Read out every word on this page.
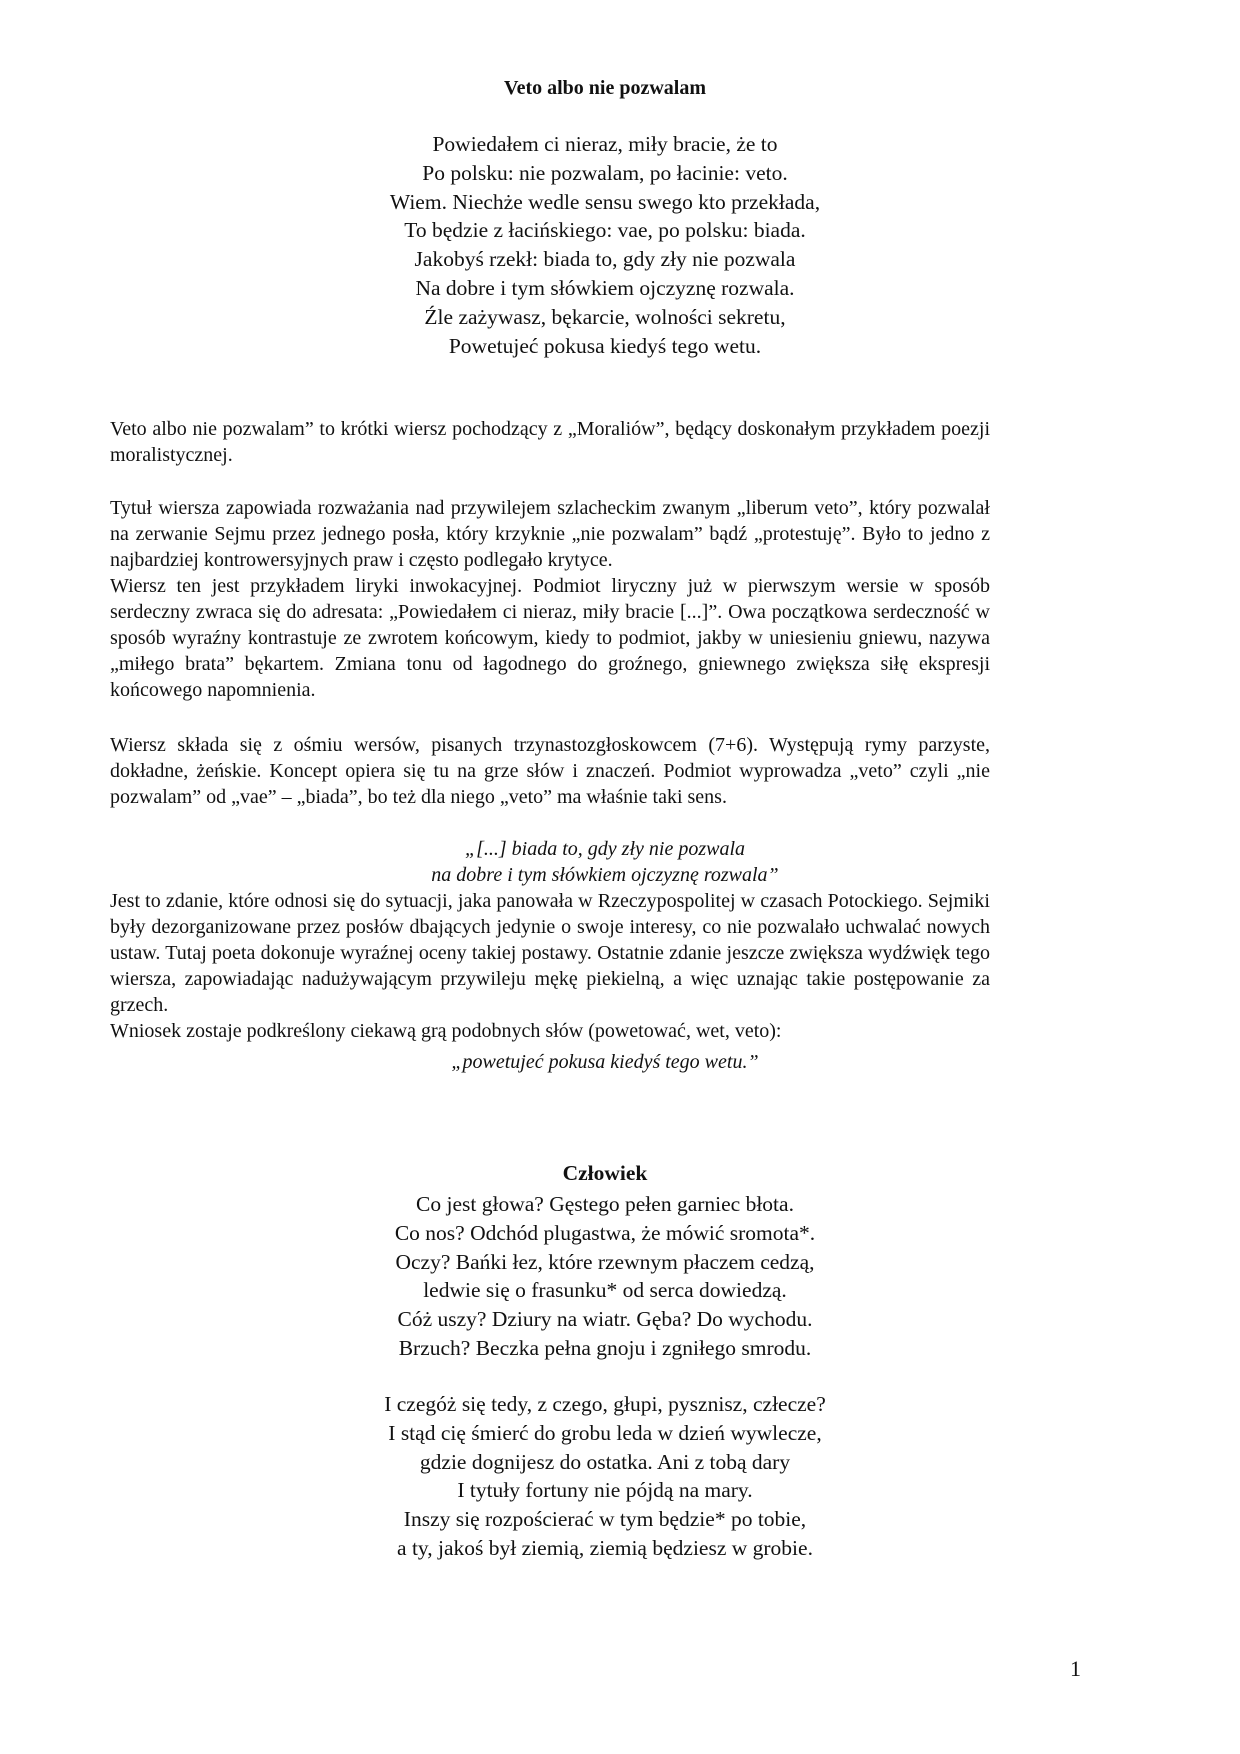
Veto albo nie pozwalam
Powiedałem ci nieraz, miły bracie, że to
Po polsku: nie pozwalam, po łacinie: veto.
Wiem. Niechże wedle sensu swego kto przekłada,
To będzie z łacińskiego: vae, po polsku: biada.
Jakobyś rzekł: biada to, gdy zły nie pozwala
Na dobre i tym słówkiem ojczyznę rozwala.
Źle zażywasz, bękarcie, wolności sekretu,
Powetujeć pokusa kiedyś tego wetu.

Veto albo nie pozwalam” to krótki wiersz pochodzący z „Moraliów”, będący doskonałym przykładem poezji moralistycznej.

Tytuł wiersza zapowiada rozważania nad przywilejem szlacheckim zwanym „liberum veto”, który pozwalał na zerwanie Sejmu przez jednego posła, który krzyknie „nie pozwalam” bądź „protestuję”. Było to jedno z najbardziej kontrowersyjnych praw i często podlegało krytyce.

Wiersz ten jest przykładem liryki inwokacyjnej. Podmiot liryczny już w pierwszym wersie w sposób serdeczny zwraca się do adresata: „Powiedałem ci nieraz, miły bracie [...]”. Owa początkowa serdeczność w sposób wyraźny kontrastuje ze zwrotem końcowym, kiedy to podmiot, jakby w uniesieniu gniewu, nazywa „miłego brata” bękartem. Zmiana tonu od łagodnego do groźnego, gniewnego zwiększa siłę ekspresji końcowego napomnienia.

Wiersz składa się z ośmiu wersów, pisanych trzynastozgłoskowcem (7+6). Występują rymy parzyste, dokładne, żeńskie. Koncept opiera się tu na grze słów i znaczeń. Podmiot wyprowadza „veto” czyli „nie pozwalam” od „vae” – „biada”, bo też dla niego „veto” ma właśnie taki sens.

„[...] biada to, gdy zły nie pozwala
na dobre i tym słówkiem ojczyznę rozwala”

Jest to zdanie, które odnosi się do sytuacji, jaka panowała w Rzeczypospolitej w czasach Potockiego. Sejmiki były dezorganizowane przez posłów dbających jedynie o swoje interesy, co nie pozwalało uchwalać nowych ustaw. Tutaj poeta dokonuje wyraźnej oceny takiej postawy. Ostatnie zdanie jeszcze zwiększa wydźwięk tego wiersza, zapowiadając nadużywającym przywileju mękę piekielną, a więc uznając takie postępowanie za grzech.

Wniosek zostaje podkreślony ciekawą grą podobnych słów (powetować, wet, veto):

„powetujeć pokusa kiedyś tego wetu.”
Człowiek
Co jest głowa? Gęstego pełen garniec błota.
Co nos? Odchód plugastwa, że mówić sromota*.
Oczy? Bańki łez, które rzewnym płaczem cedzą,
ledwie się o frasunku* od serca dowiedzą.
Cóż uszy? Dziury na wiatr. Gęba? Do wychodu.
Brzuch? Beczka pełna gnoju i zgniłego smrodu.
I czegóż się tedy, z czego, głupi, pysznisz, człecze?
I stąd cię śmierć do grobu leda w dzień wywlecze,
gdzie dognijesz do ostatka. Ani z tobą dary
I tytuły fortuny nie pójdą na mary.
Inszy się rozpościerać w tym będzie* po tobie,
a ty, jakoś był ziemią, ziemią będziesz w grobie.
1
